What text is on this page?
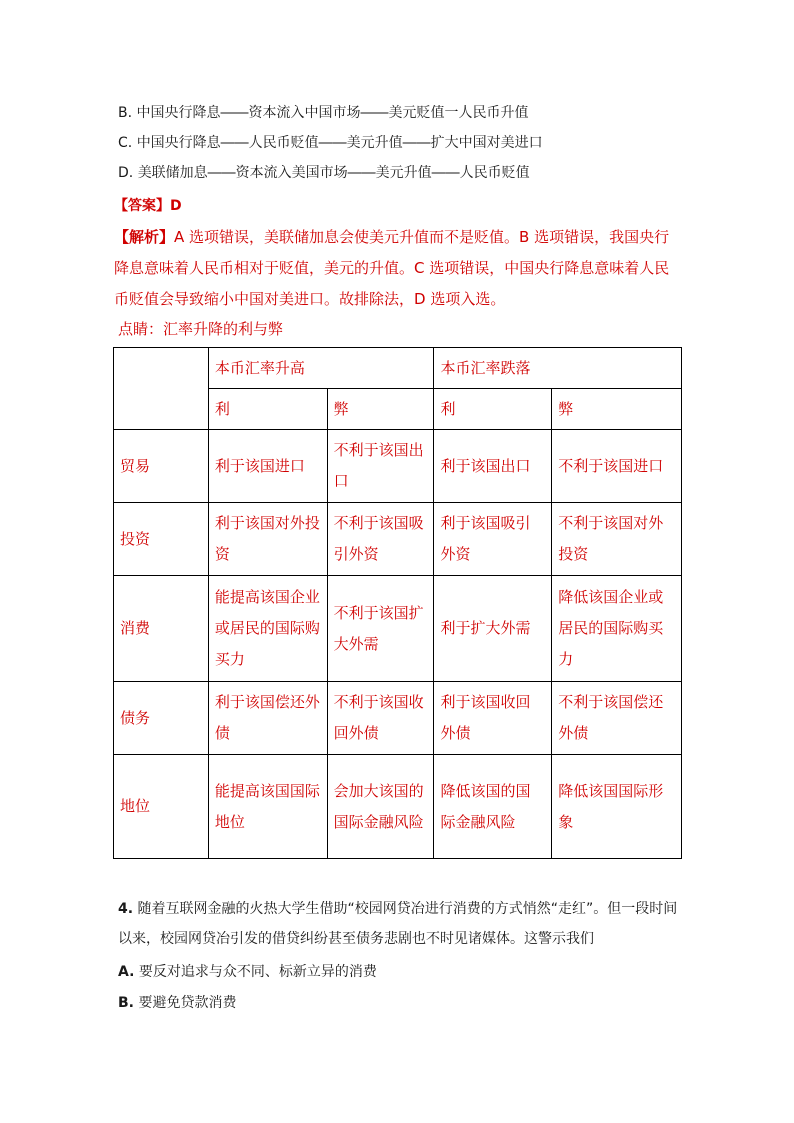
B. 中国央行降息――资本流入中国市场――美元贬值一人民币升值
C. 中国央行降息――人民币贬值――美元升值――扩大中国对美进口
D. 美联储加息――资本流入美国市场――美元升值――人民币贬值
【答案】D
【解析】A 选项错误，美联储加息会使美元升值而不是贬值。B 选项错误，我国央行降息意味着人民币相对于贬值，美元的升值。C 选项错误，中国央行降息意味着人民币贬值会导致缩小中国对美进口。故排除法，D 选项入选。
点睛：汇率升降的利与弊
	本币汇率升高		本币汇率跌落	
	利	弊	利	弊
贸易	利于该国进口	不利于该国出口	利于该国出口	不利于该国进口
投资	利于该国对外投资	不利于该国吸引外资	利于该国吸引外资	不利于该国对外投资
消费	能提高该国企业或居民的国际购买力	不利于该国扩大外需	利于扩大外需	降低该国企业或居民的国际购买力
债务	利于该国偿还外债	不利于该国收回外债	利于该国收回外债	不利于该国偿还外债
地位	能提高该国国际地位	会加大该国的国际金融风险	降低该国的国际金融风险	降低该国国际形象
4. 随着互联网金融的火热大学生借助“校园网贷冶进行消费的方式悄然“走红”。但一段时间以来，校园网贷冶引发的借贷纠纷甚至债务悲剧也不时见诸媒体。这警示我们
A. 要反对追求与众不同、标新立异的消费
B. 要避免贷款消费
